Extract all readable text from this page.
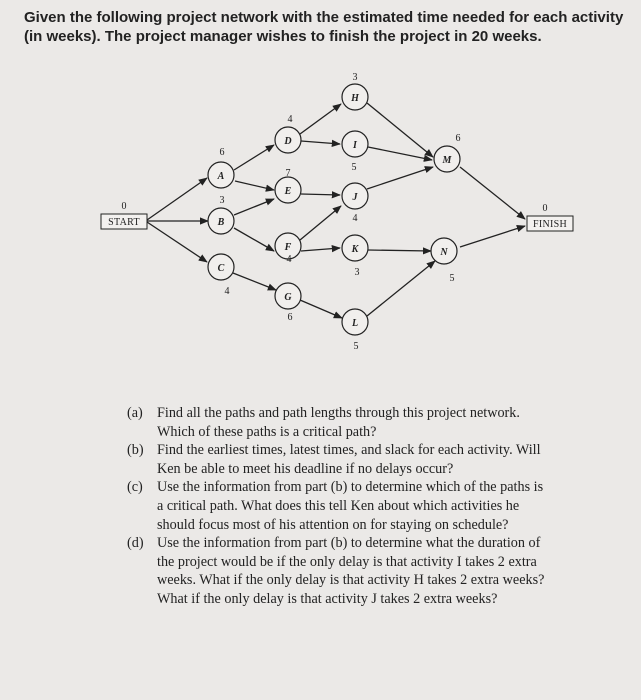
Given the following project network with the estimated time needed for each activity (in weeks). The project manager wishes to finish the project in 20 weeks.
START
0
FINISH
0
A
B
C
D
E
F
G
H
I
J
K
L
M
N
6
3
4
4
7
4
6
3
5
4
3
5
6
5

(a) Find all the paths and path lengths through this project network. Which of these paths is a critical path?

(b) Find the earliest times, latest times, and slack for each activity. Will Ken be able to meet his deadline if no delays occur?

(c) Use the information from part (b) to determine which of the paths is a critical path. What does this tell Ken about which activities he should focus most of his attention on for staying on schedule?

(d) Use the information from part (b) to determine what the duration of the project would be if the only delay is that activity I takes 2 extra weeks. What if the only delay is that activity H takes 2 extra weeks? What if the only delay is that activity J takes 2 extra weeks?
